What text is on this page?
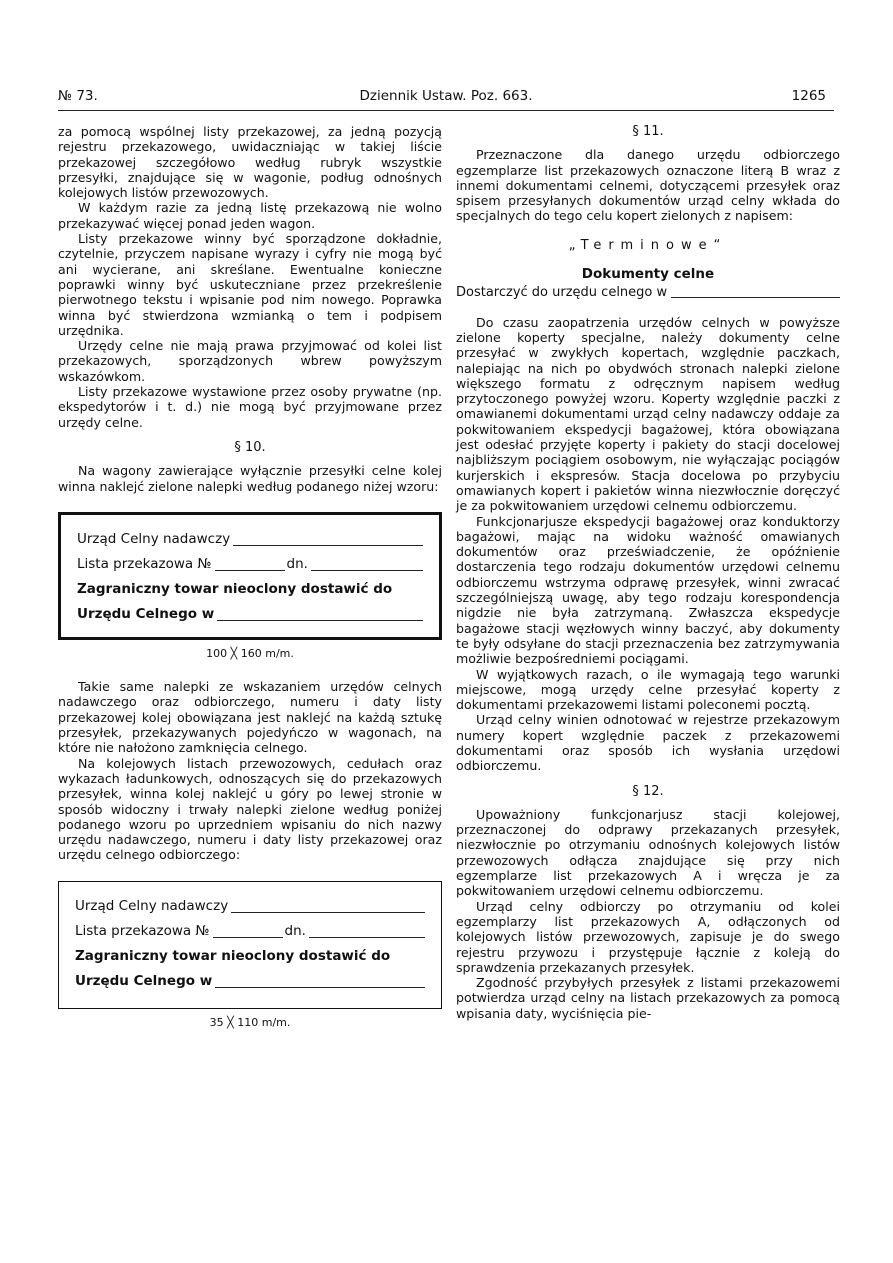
№ 73.	Dziennik Ustaw. Poz. 663.	1265

za pomocą wspólnej listy przekazowej, za jedną pozycją rejestru przekazowego, uwidaczniając w takiej liście przekazowej szczegółowo według rubryk wszystkie przesyłki, znajdujące się w wagonie, podług odnośnych kolejowych listów przewozowych.

W każdym razie za jedną listę przekazową nie wolno przekazywać więcej ponad jeden wagon.

Listy przekazowe winny być sporządzone dokładnie, czytelnie, przyczem napisane wyrazy i cyfry nie mogą być ani wycierane, ani skreślane. Ewentualne konieczne poprawki winny być uskuteczniane przez przekreślenie pierwotnego tekstu i wpisanie pod nim nowego. Poprawka winna być stwierdzona wzmianką o tem i podpisem urzędnika.

Urzędy celne nie mają prawa przyjmować od kolei list przekazowych, sporządzonych wbrew powyższym wskazówkom.

Listy przekazowe wystawione przez osoby prywatne (np. ekspedytorów i t. d.) nie mogą być przyjmowane przez urzędy celne.

§ 10.

Na wagony zawierające wyłącznie przesyłki celne kolej winna naklejć zielone nalepki według podanego niżej wzoru:

Urząd Celny nadawczy
Lista przekazowa №	dn.
Zagraniczny towar nieoclony dostawić do
Urzędu Celnego w
100 ╳ 160 m/m.

Takie same nalepki ze wskazaniem urzędów celnych nadawczego oraz odbiorczego, numeru i daty listy przekazowej kolej obowiązana jest naklejć na każdą sztukę przesyłek, przekazywanych pojedyńczo w wagonach, na które nie nałożono zamknięcia celnego.

Na kolejowych listach przewozowych, cedułach oraz wykazach ładunkowych, odnoszących się do przekazowych przesyłek, winna kolej naklejć u góry po lewej stronie w sposób widoczny i trwały nalepki zielone według poniżej podanego wzoru po uprzedniem wpisaniu do nich nazwy urzędu nadawczego, numeru i daty listy przekazowej oraz urzędu celnego odbiorczego:

Urząd Celny nadawczy
Lista przekazowa №	dn.
Zagraniczny towar nieoclony dostawić do
Urzędu Celnego w
35 ╳ 110 m/m.
§ 11.

Przeznaczone dla danego urzędu odbiorczego egzemplarze list przekazowych oznaczone literą B wraz z innemi dokumentami celnemi, dotyczącemi przesyłek oraz spisem przesyłanych dokumentów urząd celny wkłada do specjalnych do tego celu kopert zielonych z napisem:

„Terminowe“
Dokumenty celne
Dostarczyć do urzędu celnego w

Do czasu zaopatrzenia urzędów celnych w powyższe zielone koperty specjalne, należy dokumenty celne przesyłać w zwykłych kopertach, względnie paczkach, nalepiając na nich po obydwóch stronach nalepki zielone większego formatu z odręcznym napisem według przytoczonego powyżej wzoru. Koperty względnie paczki z omawianemi dokumentami urząd celny nadawczy oddaje za pokwitowaniem ekspedycji bagażowej, która obowiązana jest odesłać przyjęte koperty i pakiety do stacji docelowej najbliższym pociągiem osobowym, nie wyłączając pociągów kurjerskich i ekspresów. Stacja docelowa po przybyciu omawianych kopert i pakietów winna niezwłocznie doręczyć je za pokwitowaniem urzędowi celnemu odbiorczemu.

Funkcjonarjusze ekspedycji bagażowej oraz konduktorzy bagażowi, mając na widoku ważność omawianych dokumentów oraz przeświadczenie, że opóźnienie dostarczenia tego rodzaju dokumentów urzędowi celnemu odbiorczemu wstrzyma odprawę przesyłek, winni zwracać szczególniejszą uwagę, aby tego rodzaju korespondencja nigdzie nie była zatrzymaną. Zwłaszcza ekspedycje bagażowe stacji węzłowych winny baczyć, aby dokumenty te były odsyłane do stacji przeznaczenia bez zatrzymywania możliwie bezpośredniemi pociągami.

W wyjątkowych razach, o ile wymagają tego warunki miejscowe, mogą urzędy celne przesyłać koperty z dokumentami przekazowemi listami poleconemi pocztą.

Urząd celny winien odnotować w rejestrze przekazowym numery kopert względnie paczek z przekazowemi dokumentami oraz sposób ich wysłania urzędowi odbiorczemu.

§ 12.

Upoważniony funkcjonarjusz stacji kolejowej, przeznaczonej do odprawy przekazanych przesyłek, niezwłocznie po otrzymaniu odnośnych kolejowych listów przewozowych odłącza znajdujące się przy nich egzemplarze list przekazowych A i wręcza je za pokwitowaniem urzędowi celnemu odbiorczemu.

Urząd celny odbiorczy po otrzymaniu od kolei egzemplarzy list przekazowych A, odłączonych od kolejowych listów przewozowych, zapisuje je do swego rejestru przywozu i przystępuje łącznie z koleją do sprawdzenia przekazanych przesyłek.

Zgodność przybyłych przesyłek z listami przekazowemi potwierdza urząd celny na listach przekazowych za pomocą wpisania daty, wyciśnięcia pie-
